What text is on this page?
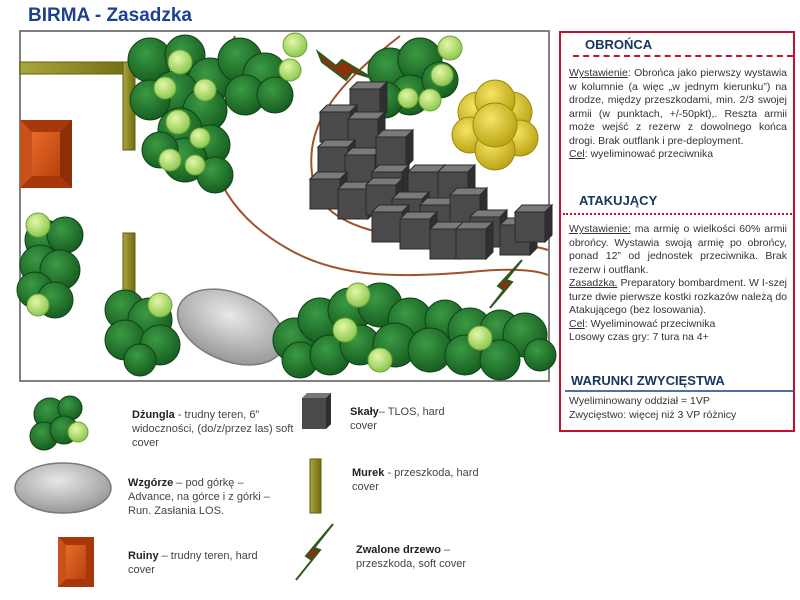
BIRMA - Zasadzka
OBROŃCA
Wystawienie: Obrońca jako pierwszy wystawia w kolumnie (a więc „w jednym kierunku”) na drodze, między przeszkodami, min. 2/3 swojej armii (w punktach, +/-50pkt),. Reszta armii może wejść z rezerw z dowolnego końca drogi. Brak outflank i pre-deployment.
Cel: wyeliminować przeciwnika
ATAKUJĄCY
Wystawienie: ma armię o wielkości 60% armii obrońcy. Wystawia swoją armię po obrońcy, ponad 12” od jednostek przeciwnika. Brak rezerw i outflank.
Zasadzka. Preparatory bombardment. W I-szej turze dwie pierwsze kostki rozkazów należą do Atakującego (bez losowania).
Cel: Wyeliminować przeciwnika
Losowy czas gry: 7 tura na 4+
WARUNKI ZWYCIĘSTWA
Wyeliminowany oddział = 1VP
Zwycięstwo: więcej niż 3 VP różnicy
Dżungla - trudny teren, 6” widoczności, (do/z/przez las) soft cover
Wzgórze – pod górkę – Advance, na górce i z górki – Run. Zasłania LOS.
Ruiny – trudny teren, hard cover
Skały– TLOS, hard cover
Murek - przeszkoda, hard cover
Zwalone drzewo – przeszkoda, soft cover
